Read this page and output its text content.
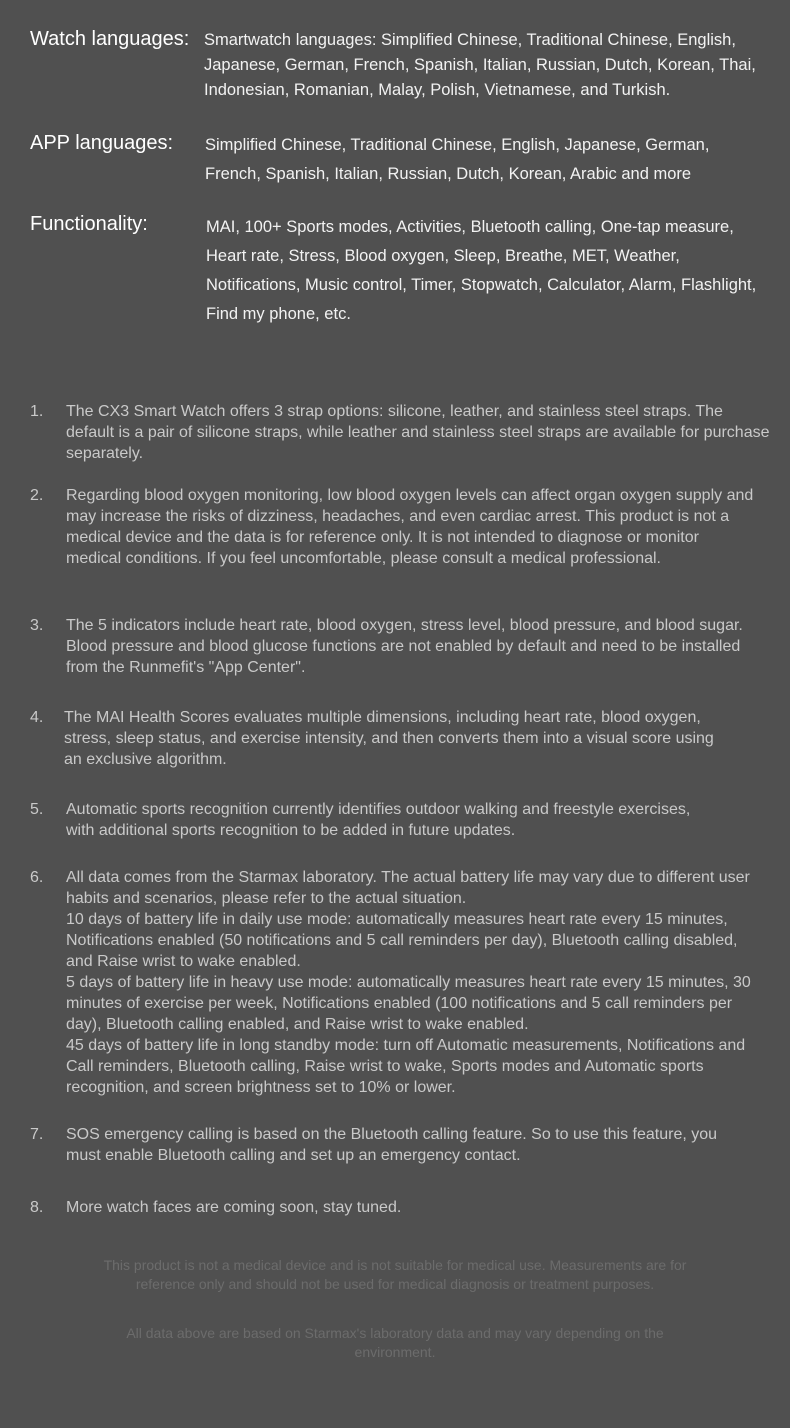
Watch languages: Smartwatch languages: Simplified Chinese, Traditional Chinese, English, Japanese, German, French, Spanish, Italian, Russian, Dutch, Korean, Thai, Indonesian, Romanian, Malay, Polish, Vietnamese, and Turkish.
APP languages: Simplified Chinese, Traditional Chinese, English, Japanese, German, French, Spanish, Italian, Russian, Dutch, Korean, Arabic and more
Functionality:	MAI, 100+ Sports modes, Activities, Bluetooth calling, One-tap measure, Heart rate, Stress, Blood oxygen, Sleep, Breathe, MET, Weather, Notifications, Music control, Timer, Stopwatch, Calculator, Alarm, Flashlight, Find my phone, etc.
1.	The CX3 Smart Watch offers 3 strap options: silicone, leather, and stainless steel straps. The default is a pair of silicone straps, while leather and stainless steel straps are available for purchase separately.
2.	Regarding blood oxygen monitoring, low blood oxygen levels can affect organ oxygen supply and may increase the risks of dizziness, headaches, and even cardiac arrest. This product is not a medical device and the data is for reference only. It is not intended to diagnose or monitor medical conditions. If you feel uncomfortable, please consult a medical professional.
3.	The 5 indicators include heart rate, blood oxygen, stress level, blood pressure, and blood sugar. Blood pressure and blood glucose functions are not enabled by default and need to be installed from the Runmefit's "App Center".
4.	The MAI Health Scores evaluates multiple dimensions, including heart rate, blood oxygen, stress, sleep status, and exercise intensity, and then converts them into a visual score using an exclusive algorithm.
5.	Automatic sports recognition currently identifies outdoor walking and freestyle exercises, with additional sports recognition to be added in future updates.
6.	All data comes from the Starmax laboratory. The actual battery life may vary due to different user habits and scenarios, please refer to the actual situation.
10 days of battery life in daily use mode: automatically measures heart rate every 15 minutes, Notifications enabled (50 notifications and 5 call reminders per day), Bluetooth calling disabled, and Raise wrist to wake enabled.
5 days of battery life in heavy use mode: automatically measures heart rate every 15 minutes, 30 minutes of exercise per week, Notifications enabled (100 notifications and 5 call reminders per day), Bluetooth calling enabled, and Raise wrist to wake enabled.
45 days of battery life in long standby mode: turn off Automatic measurements, Notifications and Call reminders, Bluetooth calling, Raise wrist to wake, Sports modes and Automatic sports recognition, and screen brightness set to 10% or lower.
7.	SOS emergency calling is based on the Bluetooth calling feature. So to use this feature, you must enable Bluetooth calling and set up an emergency contact.
8.	More watch faces are coming soon, stay tuned.
This product is not a medical device and is not suitable for medical use. Measurements are for reference only and should not be used for medical diagnosis or treatment purposes.
All data above are based on Starmax's laboratory data and may vary depending on the environment.
